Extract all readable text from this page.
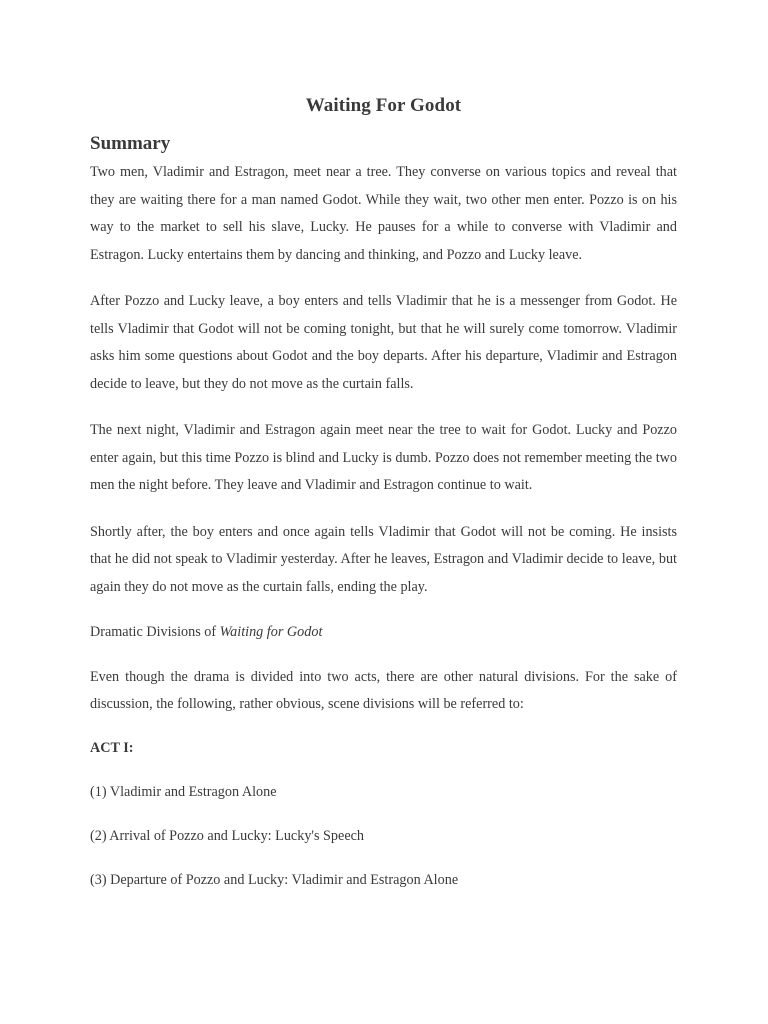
Waiting For Godot
Summary

Two men, Vladimir and Estragon, meet near a tree. They converse on various topics and reveal that they are waiting there for a man named Godot. While they wait, two other men enter. Pozzo is on his way to the market to sell his slave, Lucky. He pauses for a while to converse with Vladimir and Estragon. Lucky entertains them by dancing and thinking, and Pozzo and Lucky leave.

After Pozzo and Lucky leave, a boy enters and tells Vladimir that he is a messenger from Godot. He tells Vladimir that Godot will not be coming tonight, but that he will surely come tomorrow. Vladimir asks him some questions about Godot and the boy departs. After his departure, Vladimir and Estragon decide to leave, but they do not move as the curtain falls.

The next night, Vladimir and Estragon again meet near the tree to wait for Godot. Lucky and Pozzo enter again, but this time Pozzo is blind and Lucky is dumb. Pozzo does not remember meeting the two men the night before. They leave and Vladimir and Estragon continue to wait.

Shortly after, the boy enters and once again tells Vladimir that Godot will not be coming. He insists that he did not speak to Vladimir yesterday. After he leaves, Estragon and Vladimir decide to leave, but again they do not move as the curtain falls, ending the play.

Dramatic Divisions of Waiting for Godot

Even though the drama is divided into two acts, there are other natural divisions. For the sake of discussion, the following, rather obvious, scene divisions will be referred to:

ACT I:

(1) Vladimir and Estragon Alone

(2) Arrival of Pozzo and Lucky: Lucky's Speech

(3) Departure of Pozzo and Lucky: Vladimir and Estragon Alone
